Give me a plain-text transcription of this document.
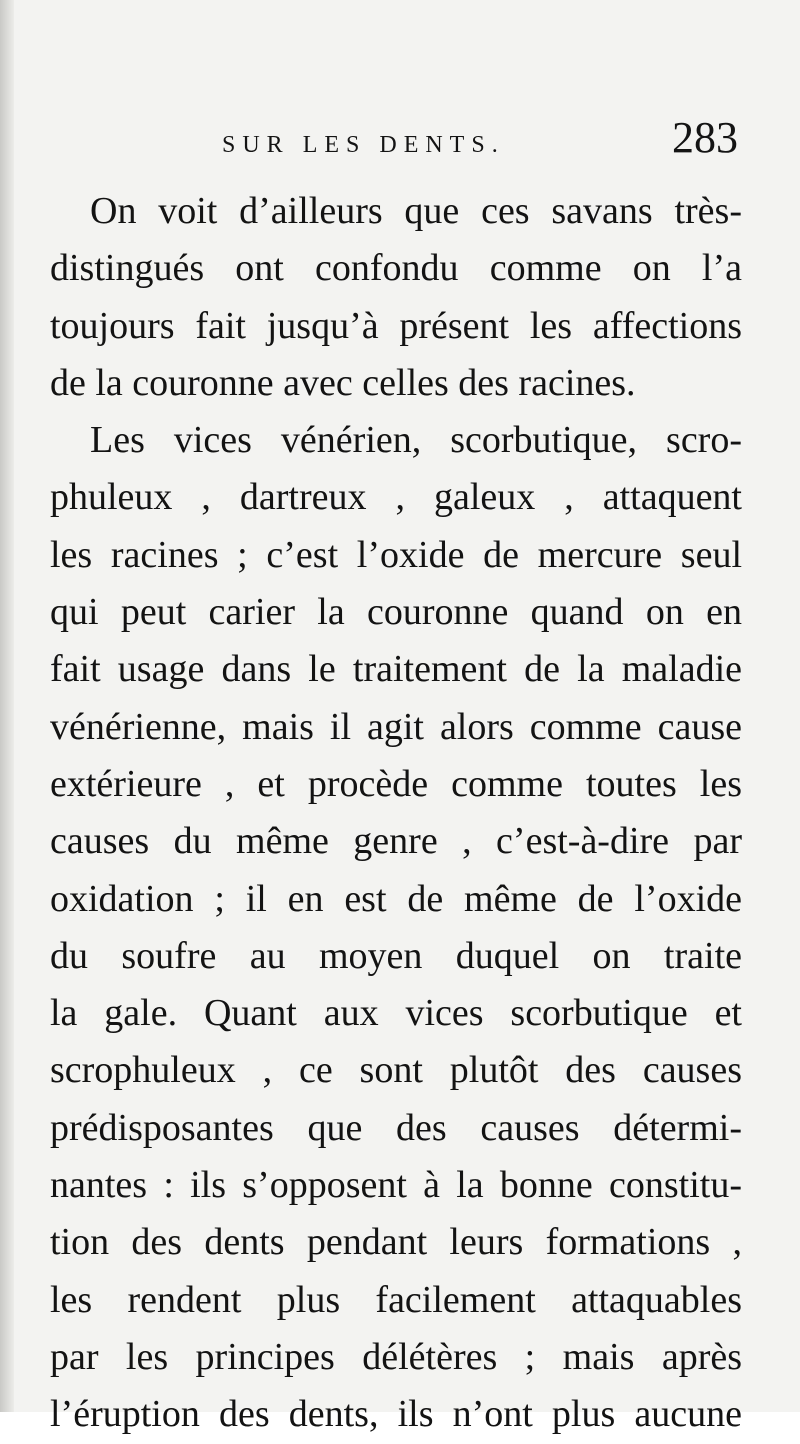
SUR LES DENTS.	283
On voit d’ailleurs que ces savans très-
distingués ont confondu comme on l’a
toujours fait jusqu’à présent les affections
de la couronne avec celles des racines.
Les vices vénérien, scorbutique, scro-
phuleux , dartreux , galeux , attaquent
les racines ; c’est l’oxide de mercure seul
qui peut carier la couronne quand on en
fait usage dans le traitement de la maladie
vénérienne, mais il agit alors comme cause
extérieure , et procède comme toutes les
causes du même genre , c’est-à-dire par
oxidation ; il en est de même de l’oxide
du soufre au moyen duquel on traite
la gale. Quant aux vices scorbutique et
scrophuleux , ce sont plutôt des causes
prédisposantes que des causes détermi-
nantes : ils s’opposent à la bonne constitu-
tion des dents pendant leurs formations ,
les rendent plus facilement attaquables
par les principes délétères ; mais après
l’éruption des dents, ils n’ont plus aucune
